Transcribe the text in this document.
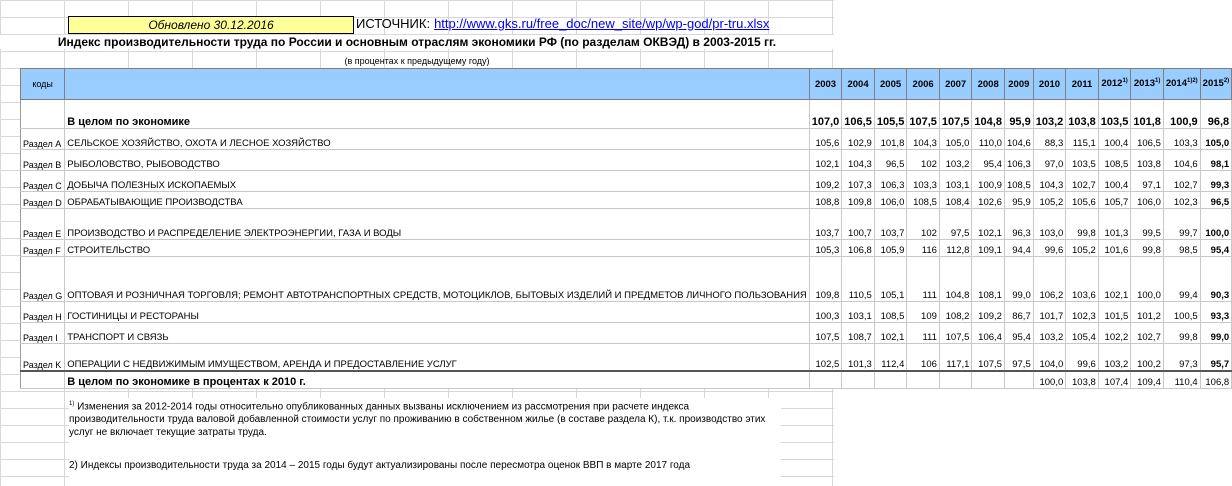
Обновлено 30.12.2016	ИСТОЧНИК: http://www.gks.ru/free_doc/new_site/wp/wp-god/pr-tru.xlsx
Индекс производительности труда по России и основным отраслям экономики РФ (по разделам ОКВЭД) в 2003-2015 гг.
(в процентах к предыдущему году)
коды		2003	2004	2005	2006	2007	2008	2009	2010	2011	2012$^{1)}$	2013$^{1)}$	$2014^{1)2)}$	2015$^{2)}$
	В целом по экономике	107,0	106,5	105,5	107,5	107,5	104,8	95,9	103,2	103,8	103,5	101,8	100,9	96,8
Раздел A	СЕЛЬСКОЕ ХОЗЯЙСТВО, ОХОТА И ЛЕСНОЕ ХОЗЯЙСТВО	105,6	102,9	101,8	104,3	105,0	110,0	104,6	88,3	115,1	100,4	106,5	103,3	105,0
Раздел B	РЫБОЛОВСТВО, РЫБОВОДСТВО	102,1	104,3	96,5	102	103,2	95,4	106,3	97,0	103,5	108,5	103,8	104,6	98,1
Раздел C	ДОБЫЧА ПОЛЕЗНЫХ ИСКОПАЕМЫХ	109,2	107,3	106,3	103,3	103,1	100,9	108,5	104,3	102,7	100,4	97,1	102,7	99,3
Раздел D	ОБРАБАТЫВАЮЩИЕ ПРОИЗВОДСТВА	108,8	109,8	106,0	108,5	108,4	102,6	95,9	105,2	105,6	105,7	106,0	102,3	96,5
Раздел E	ПРОИЗВОДСТВО И РАСПРЕДЕЛЕНИЕ ЭЛЕКТРОЭНЕРГИИ, ГАЗА И ВОДЫ	103,7	100,7	103,7	102	97,5	102,1	96,3	103,0	99,8	101,3	99,5	99,7	100,0
Раздел F	СТРОИТЕЛЬСТВО	105,3	106,8	105,9	116	112,8	109,1	94,4	99,6	105,2	101,6	99,8	98,5	95,4
Раздел G	ОПТОВАЯ И РОЗНИЧНАЯ ТОРГОВЛЯ; РЕМОНТ АВТОТРАНСПОРТНЫХ СРЕДСТВ, МОТОЦИКЛОВ, БЫТОВЫХ ИЗДЕЛИЙ И ПРЕДМЕТОВ ЛИЧНОГО ПОЛЬЗОВАНИЯ	109,8	110,5	105,1	111	104,8	108,1	99,0	106,2	103,6	102,1	100,0	99,4	90,3
Раздел H	ГОСТИНИЦЫ И РЕСТОРАНЫ	100,3	103,1	108,5	109	108,2	109,2	86,7	101,7	102,3	101,5	101,2	100,5	93,3
Раздел I	ТРАНСПОРТ И СВЯЗЬ	107,5	108,7	102,1	111	107,5	106,4	95,4	103,2	105,4	102,2	102,7	99,8	99,0
Раздел K	ОПЕРАЦИИ С НЕДВИЖИМЫМ ИМУЩЕСТВОМ, АРЕНДА И ПРЕДОСТАВЛЕНИЕ УСЛУГ	102,5	101,3	112,4	106	117,1	107,5	97,5	104,0	99,6	103,2	100,2	97,3	95,7
	В целом по экономике в процентах к 2010 г.								100,0	103,8	107,4	109,4	110,4	106,8

$^{1)}$ Изменения за 2012-2014 годы относительно опубликованных данных вызваны исключением из рассмотрения при расчете индекса производительности труда валовой добавленной стоимости услуг по проживанию в собственном жилье (в составе раздела К), т.к. производство этих услуг не включает текущие затраты труда.

2) Индексы производительности труда за 2014 – 2015 годы будут актуализированы после пересмотра оценок ВВП в марте 2017 года
